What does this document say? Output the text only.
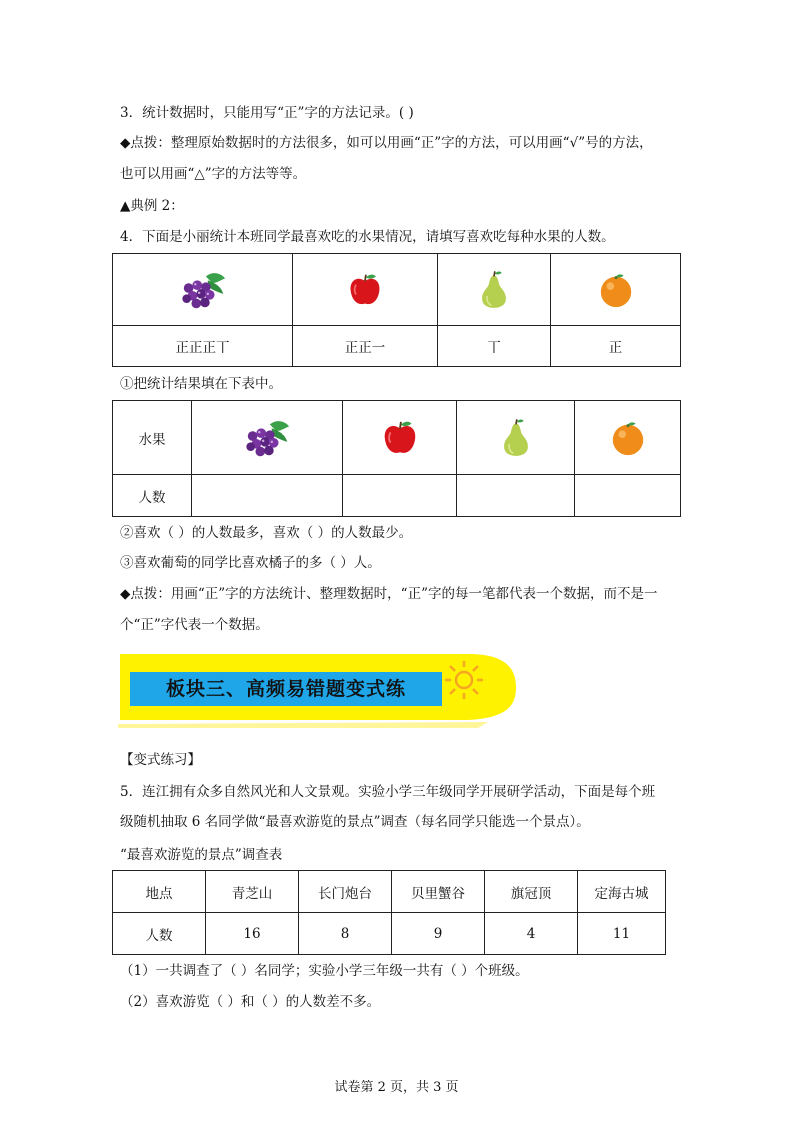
3．统计数据时，只能用写“正”字的方法记录。( )
◆点拨：整理原始数据时的方法很多，如可以用画“正”字的方法，可以用画“√”号的方法，
也可以用画“△”字的方法等等。
▲典例 2：
4．下面是小丽统计本班同学最喜欢吃的水果情况，请填写喜欢吃每种水果的人数。

正正正丅	正正一	丅	正
①把统计结果填在下表中。
水果				
人数				
②喜欢（ ）的人数最多，喜欢（ ）的人数最少。
③喜欢葡萄的同学比喜欢橘子的多（ ）人。
◆点拨：用画“正”字的方法统计、整理数据时，“正”字的每一笔都代表一个数据，而不是一
个“正”字代表一个数据。
板块三、高频易错题变式练
【变式练习】
5．连江拥有众多自然风光和人文景观。实验小学三年级同学开展研学活动，下面是每个班
级随机抽取 6 名同学做“最喜欢游览的景点”调查（每名同学只能选一个景点）。
“最喜欢游览的景点”调查表
地点	青芝山	长门炮台	贝里蟹谷	旗冠顶	定海古城
人数	16	8	9	4	11
（1）一共调查了（ ）名同学；实验小学三年级一共有（ ）个班级。
（2）喜欢游览（ ）和（ ）的人数差不多。
试卷第 2 页，共 3 页
